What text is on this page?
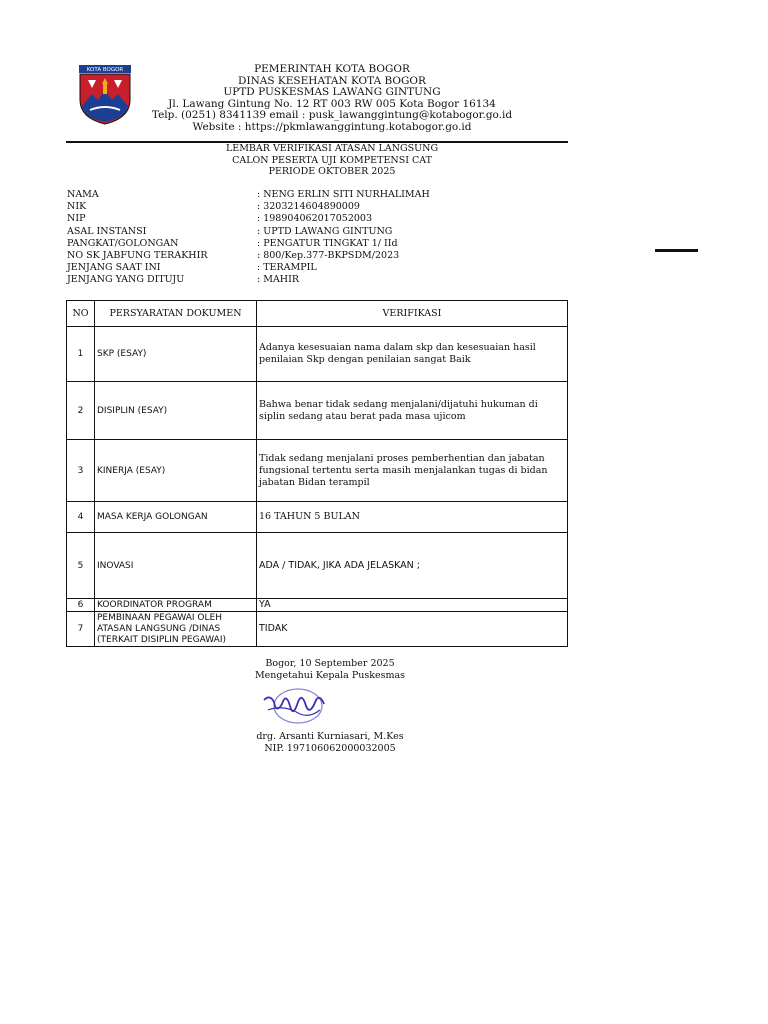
KOTA BOGOR	PEMERINTAH KOTA BOGOR
DINAS KESEHATAN KOTA BOGOR
UPTD PUSKESMAS LAWANG GINTUNG
Jl. Lawang Gintung No. 12 RT 003 RW 005 Kota Bogor 16134
Telp. (0251) 8341139 email : pusk_lawanggintung@kotabogor.go.id
Website : https://pkmlawanggintung.kotabogor.go.id
LEMBAR VERIFIKASI ATASAN LANGSUNG
CALON PESERTA UJI KOMPETENSI CAT
PERIODE OKTOBER 2025
NAMA	: NENG ERLIN SITI NURHALIMAH
NIK	: 3203214604890009
NIP	: 198904062017052003
ASAL INSTANSI	: UPTD LAWANG GINTUNG
PANGKAT/GOLONGAN	: PENGATUR TINGKAT 1/ IId
NO SK JABFUNG TERAKHIR	: 800/Kep.377-BKPSDM/2023
JENJANG SAAT INI	: TERAMPIL
JENJANG YANG DITUJU	: MAHIR
NO	PERSYARATAN DOKUMEN	VERIFIKASI
1	SKP (ESAY)	Adanya kesesuaian nama dalam skp dan kesesuaian hasil penilaian Skp dengan penilaian sangat Baik
2	DISIPLIN (ESAY)	Bahwa benar tidak sedang menjalani/dijatuhi hukuman di siplin sedang atau berat pada masa ujicom
3	KINERJA (ESAY)	Tidak sedang menjalani proses pemberhentian dan jabatan fungsional tertentu serta masih menjalankan tugas di bidan jabatan Bidan terampil
4	MASA KERJA GOLONGAN	16 TAHUN 5 BULAN
5	INOVASI	ADA / TIDAK, JIKA ADA JELASKAN ;
6	KOORDINATOR PROGRAM	YA
7	PEMBINAAN PEGAWAI OLEH ATASAN LANGSUNG /DINAS (TERKAIT DISIPLIN PEGAWAI)	TIDAK
Bogor, 10 September 2025
Mengetahui Kepala Puskesmas
drg. Arsanti Kurniasari, M.Kes
NIP. 197106062000032005
